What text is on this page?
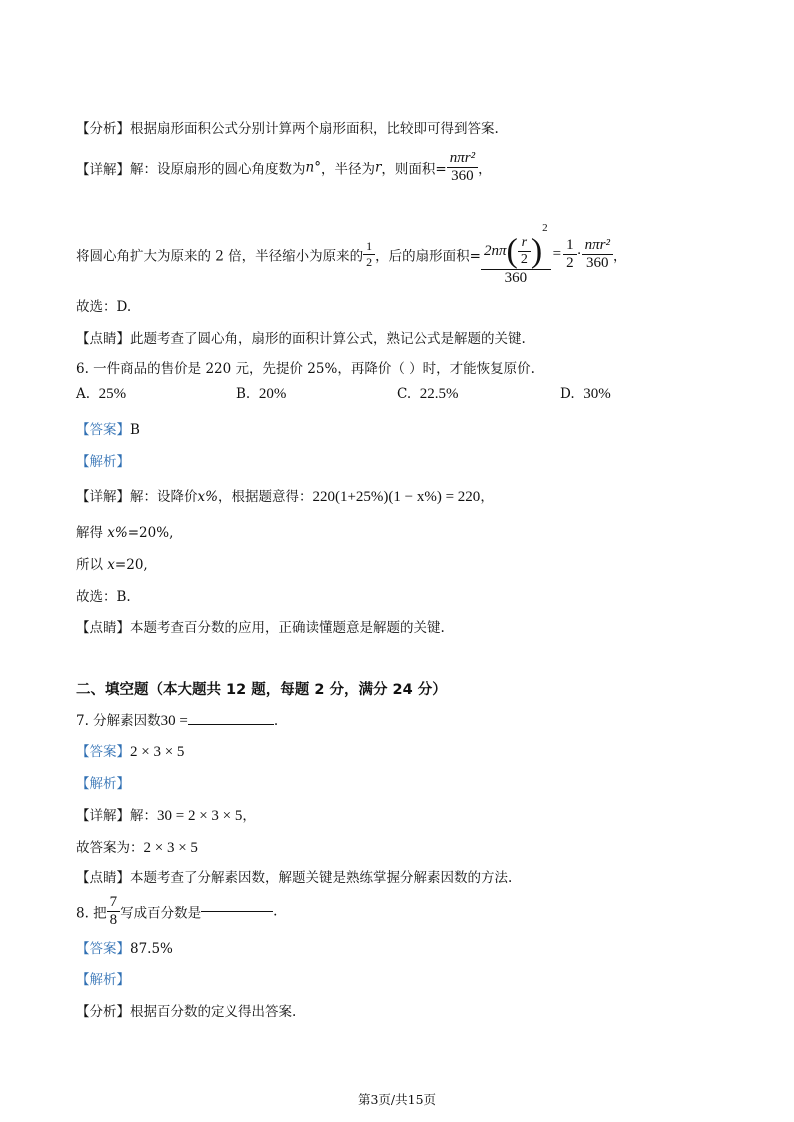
【分析】根据扇形面积公式分别计算两个扇形面积，比较即可得到答案.
【详解】解：设原扇形的圆心角度数为n°，半径为r，则面积= $\frac{\text{nπr²}}{360}$ ，
将圆心角扩大为原来的 2 倍，半径缩小为原来的 $\frac{1}{2}$ ，后的扇形面积= $\frac{2n\pi( \frac{r}{2} )^2}{360} = \frac{1}{2} \cdot \frac{\text{nπr²}}{360}$ ，
故选：D.
【点睛】此题考查了圆心角，扇形的面积计算公式，熟记公式是解题的关键.
6. 一件商品的售价是 220 元，先提价 25%，再降价（ ）时，才能恢复原价.
A. 25%	B. 20%	C. 22.5%	D. 30%
【答案】B
【解析】
【详解】解：设降价x%，根据题意得：220(1+25%)(1 − x%) = 220，
解得 x%=20%,
所以 x=20,
故选：B.
【点睛】本题考查百分数的应用，正确读懂题意是解题的关键.
二、填空题（本大题共 12 题，每题 2 分，满分 24 分）
7. 分解素因数30 =	.
【答案】2 × 3 × 5
【解析】
【详解】解：30 = 2 × 3 × 5，
故答案为：2 × 3 × 5
【点睛】本题考查了分解素因数，解题关键是熟练掌握分解素因数的方法.
8. 把 $\frac{7}{8}$ 写成百分数是	.
【答案】87.5%
【解析】
【分析】根据百分数的定义得出答案.
第3页/共15页
